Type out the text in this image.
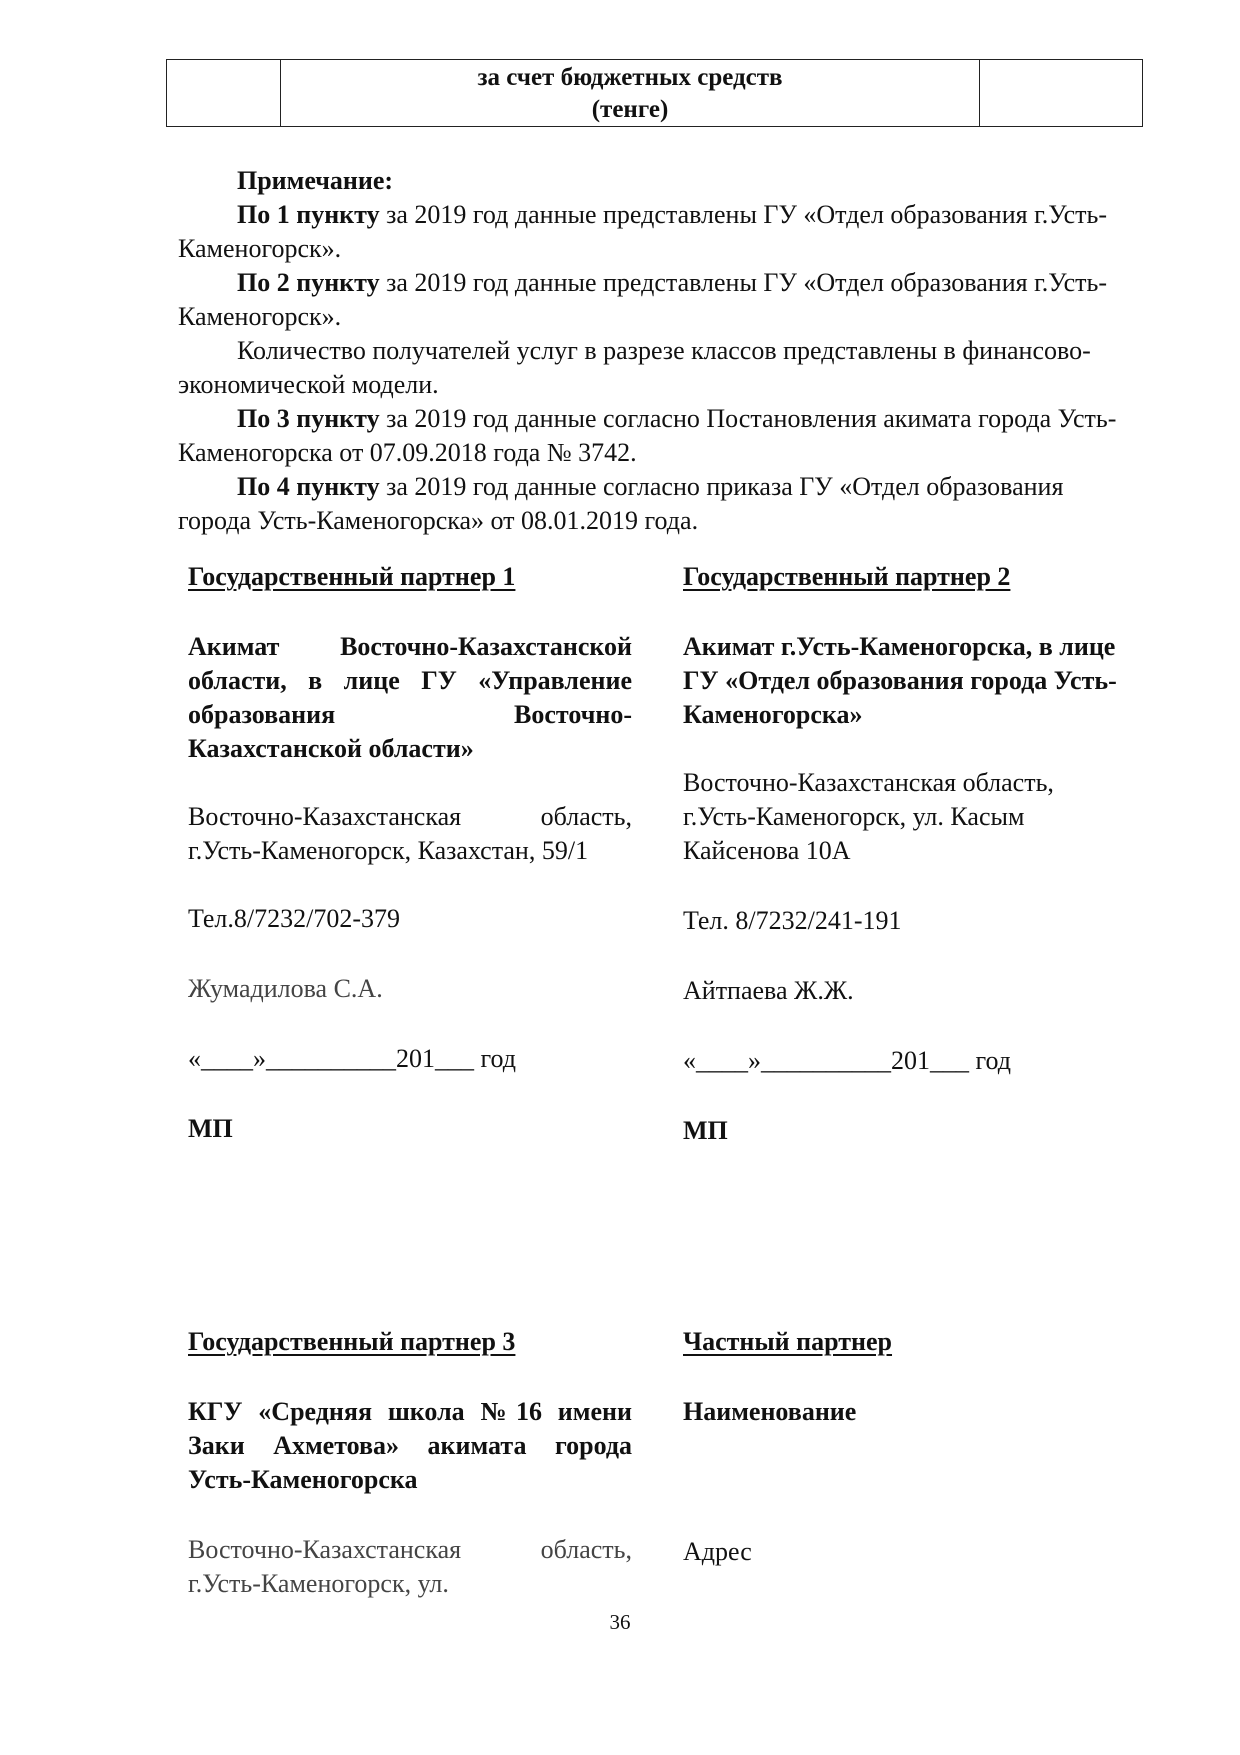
за счет бюджетных средств
(тенге)

Примечание:

По 1 пункту за 2019 год данные представлены ГУ «Отдел образования г.Усть-Каменогорск».

По 2 пункту за 2019 год данные представлены ГУ «Отдел образования г.Усть-Каменогорск».

Количество получателей услуг в разрезе классов представлены в финансово-экономической модели.

По 3 пункту за 2019 год данные согласно Постановления акимата города Усть-Каменогорска от 07.09.2018 года № 3742.

По 4 пункту за 2019 год данные согласно приказа ГУ «Отдел образования города Усть-Каменогорска» от 08.01.2019 года.

Государственный партнер 1

Акимат Восточно-Казахстанской области, в лице ГУ «Управление образования Восточно-Казахстанской области»

Восточно-Казахстанская область, г.Усть-Каменогорск, Казахстан, 59/1

Тел.8/7232/702-379

Жумадилова С.А.

«____»__________201___ год

МП

Государственный партнер 2

Акимат г.Усть-Каменогорска, в лице ГУ «Отдел образования города Усть-Каменогорска»

Восточно-Казахстанская область, г.Усть-Каменогорск, ул. Касым Кайсенова 10А

Тел. 8/7232/241-191

Айтпаева Ж.Ж.

«____»__________201___ год

МП

Государственный партнер 3

КГУ «Средняя школа №16 имени Заки Ахметова» акимата города Усть-Каменогорска

Восточно-Казахстанская область, г.Усть-Каменогорск, ул.

Частный партнер

Наименование

Адрес

36
